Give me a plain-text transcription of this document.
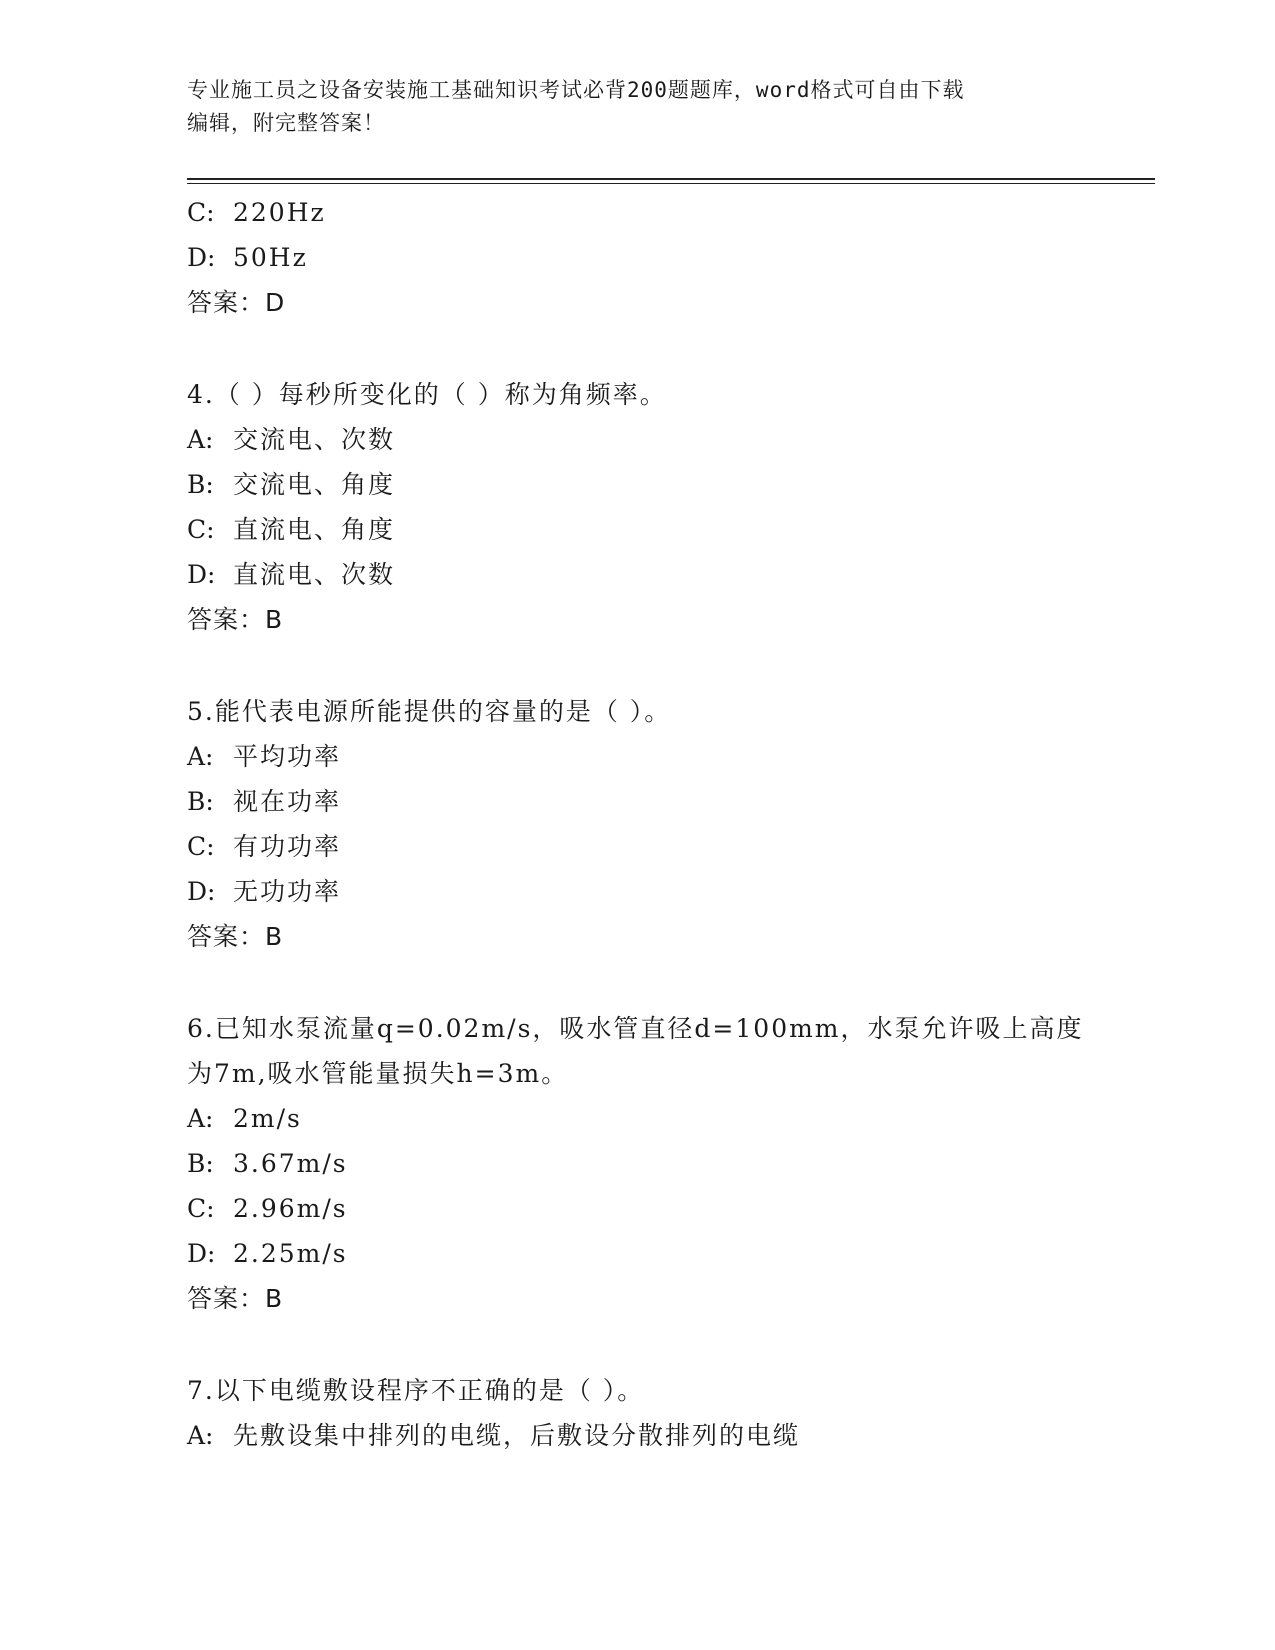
专业施工员之设备安装施工基础知识考试必背200题题库，word格式可自由下载
编辑，附完整答案！
C: 220Hz
D: 50Hz
答案：D
4.（ ）每秒所变化的（ ）称为角频率。
A: 交流电、次数
B: 交流电、角度
C: 直流电、角度
D: 直流电、次数
答案：B
5.能代表电源所能提供的容量的是（ ）。
A: 平均功率
B: 视在功率
C: 有功功率
D: 无功功率
答案：B
6.已知水泵流量q=0.02m/s，吸水管直径d=100mm，水泵允许吸上高度
为7m,吸水管能量损失h=3m。
A: 2m/s
B: 3.67m/s
C: 2.96m/s
D: 2.25m/s
答案：B
7.以下电缆敷设程序不正确的是（ ）。
A: 先敷设集中排列的电缆，后敷设分散排列的电缆
